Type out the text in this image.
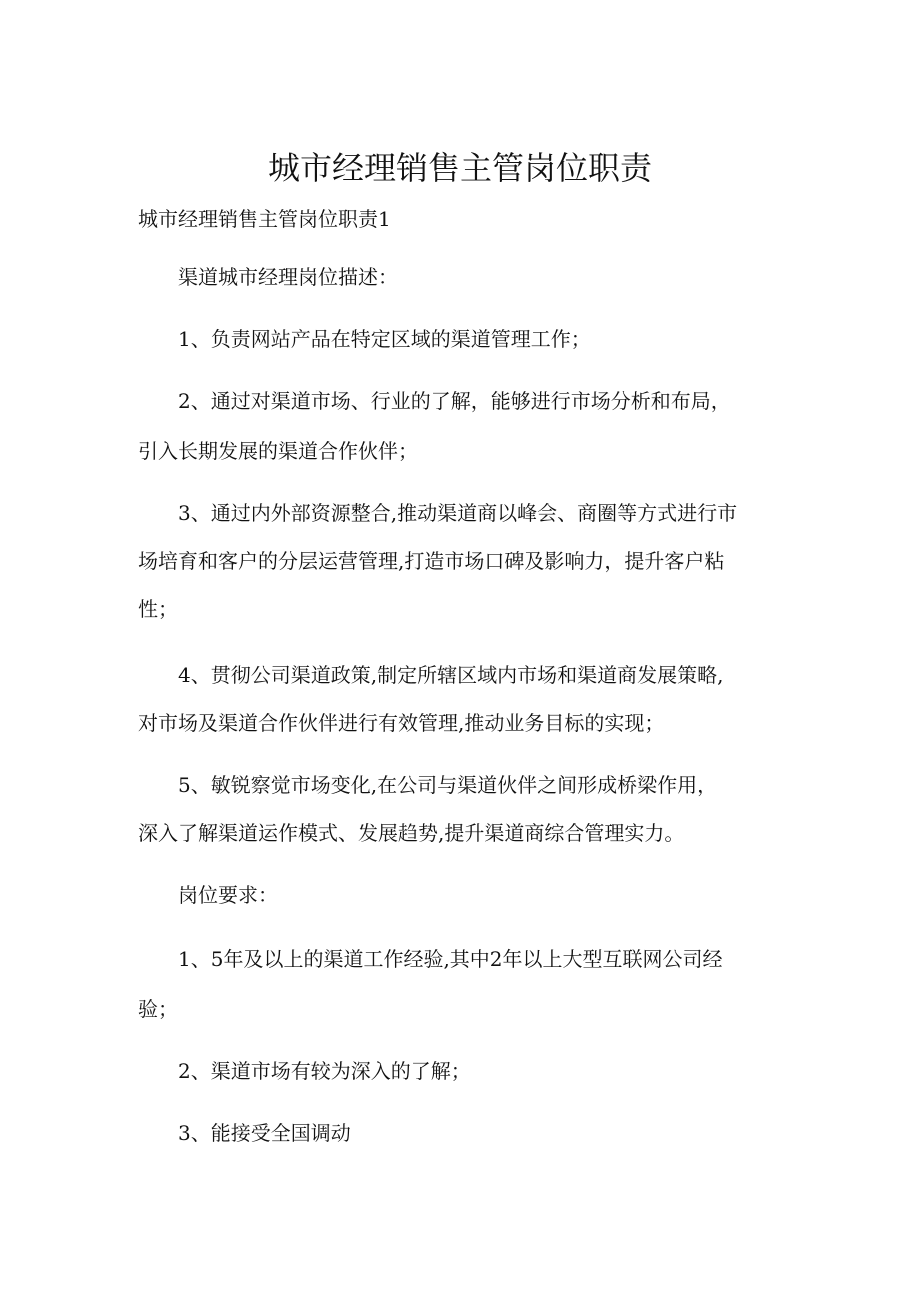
城市经理销售主管岗位职责

城市经理销售主管岗位职责1

渠道城市经理岗位描述：

1、负责网站产品在特定区域的渠道管理工作；

2、通过对渠道市场、行业的了解，能够进行市场分析和布局，

引入长期发展的渠道合作伙伴；

3、通过内外部资源整合,推动渠道商以峰会、商圈等方式进行市

场培育和客户的分层运营管理,打造市场口碑及影响力，提升客户粘

性；

4、贯彻公司渠道政策,制定所辖区域内市场和渠道商发展策略,

对市场及渠道合作伙伴进行有效管理,推动业务目标的实现；

5、敏锐察觉市场变化,在公司与渠道伙伴之间形成桥梁作用，

深入了解渠道运作模式、发展趋势,提升渠道商综合管理实力。

岗位要求：

1、5年及以上的渠道工作经验,其中2年以上大型互联网公司经

验；

2、渠道市场有较为深入的了解；

3、能接受全国调动
